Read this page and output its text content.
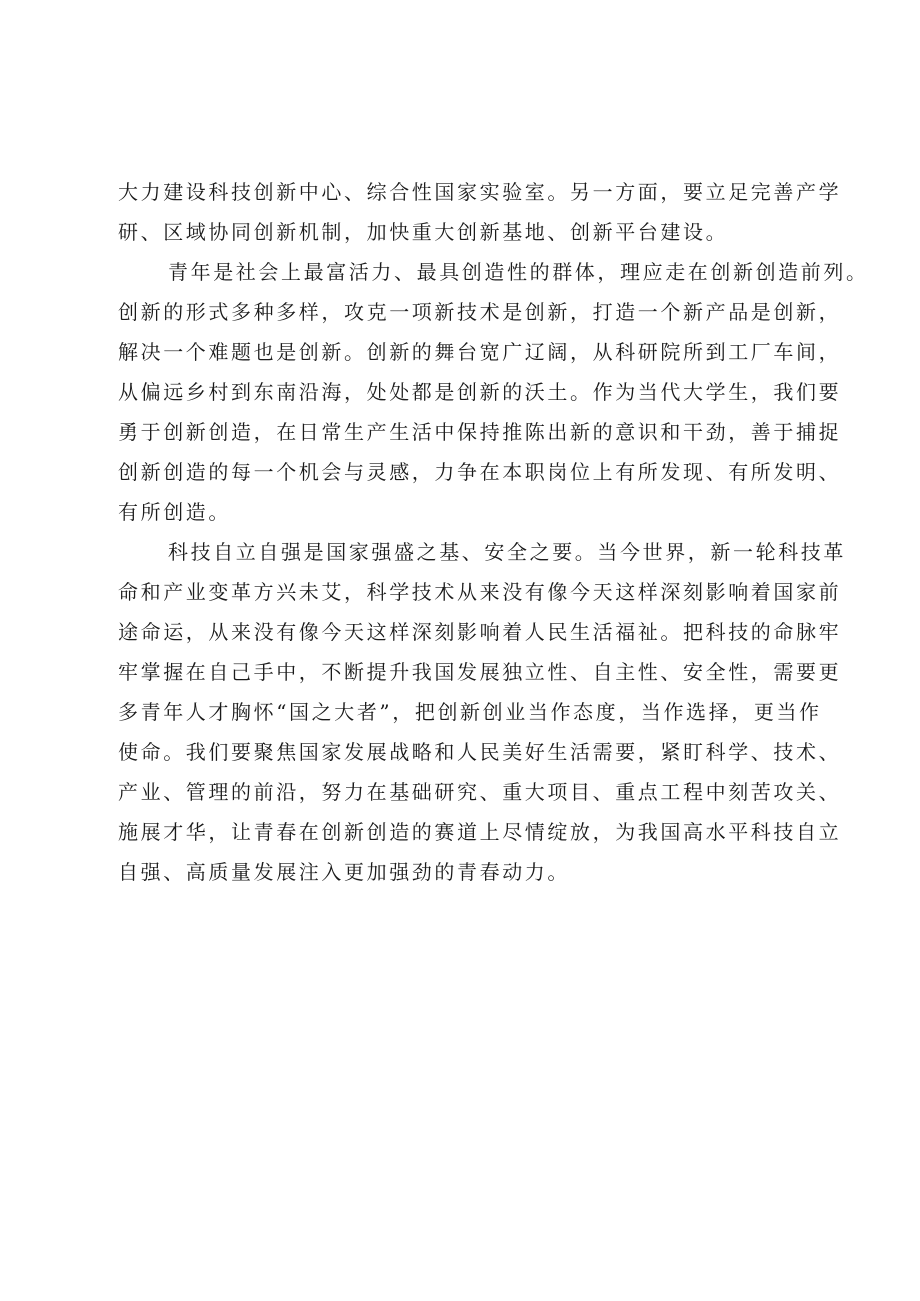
大力建设科技创新中心、综合性国家实验室。另一方面，要立足完善产学
研、区域协同创新机制，加快重大创新基地、创新平台建设。
青年是社会上最富活力、最具创造性的群体，理应走在创新创造前列。
创新的形式多种多样，攻克一项新技术是创新，打造一个新产品是创新，
解决一个难题也是创新。创新的舞台宽广辽阔，从科研院所到工厂车间，
从偏远乡村到东南沿海，处处都是创新的沃土。作为当代大学生，我们要
勇于创新创造，在日常生产生活中保持推陈出新的意识和干劲，善于捕捉
创新创造的每一个机会与灵感，力争在本职岗位上有所发现、有所发明、
有所创造。
科技自立自强是国家强盛之基、安全之要。当今世界，新一轮科技革
命和产业变革方兴未艾，科学技术从来没有像今天这样深刻影响着国家前
途命运，从来没有像今天这样深刻影响着人民生活福祉。把科技的命脉牢
牢掌握在自己手中，不断提升我国发展独立性、自主性、安全性，需要更
多青年人才胸怀“国之大者”，把创新创业当作态度，当作选择，更当作
使命。我们要聚焦国家发展战略和人民美好生活需要，紧盯科学、技术、
产业、管理的前沿，努力在基础研究、重大项目、重点工程中刻苦攻关、
施展才华，让青春在创新创造的赛道上尽情绽放，为我国高水平科技自立
自强、高质量发展注入更加强劲的青春动力。
